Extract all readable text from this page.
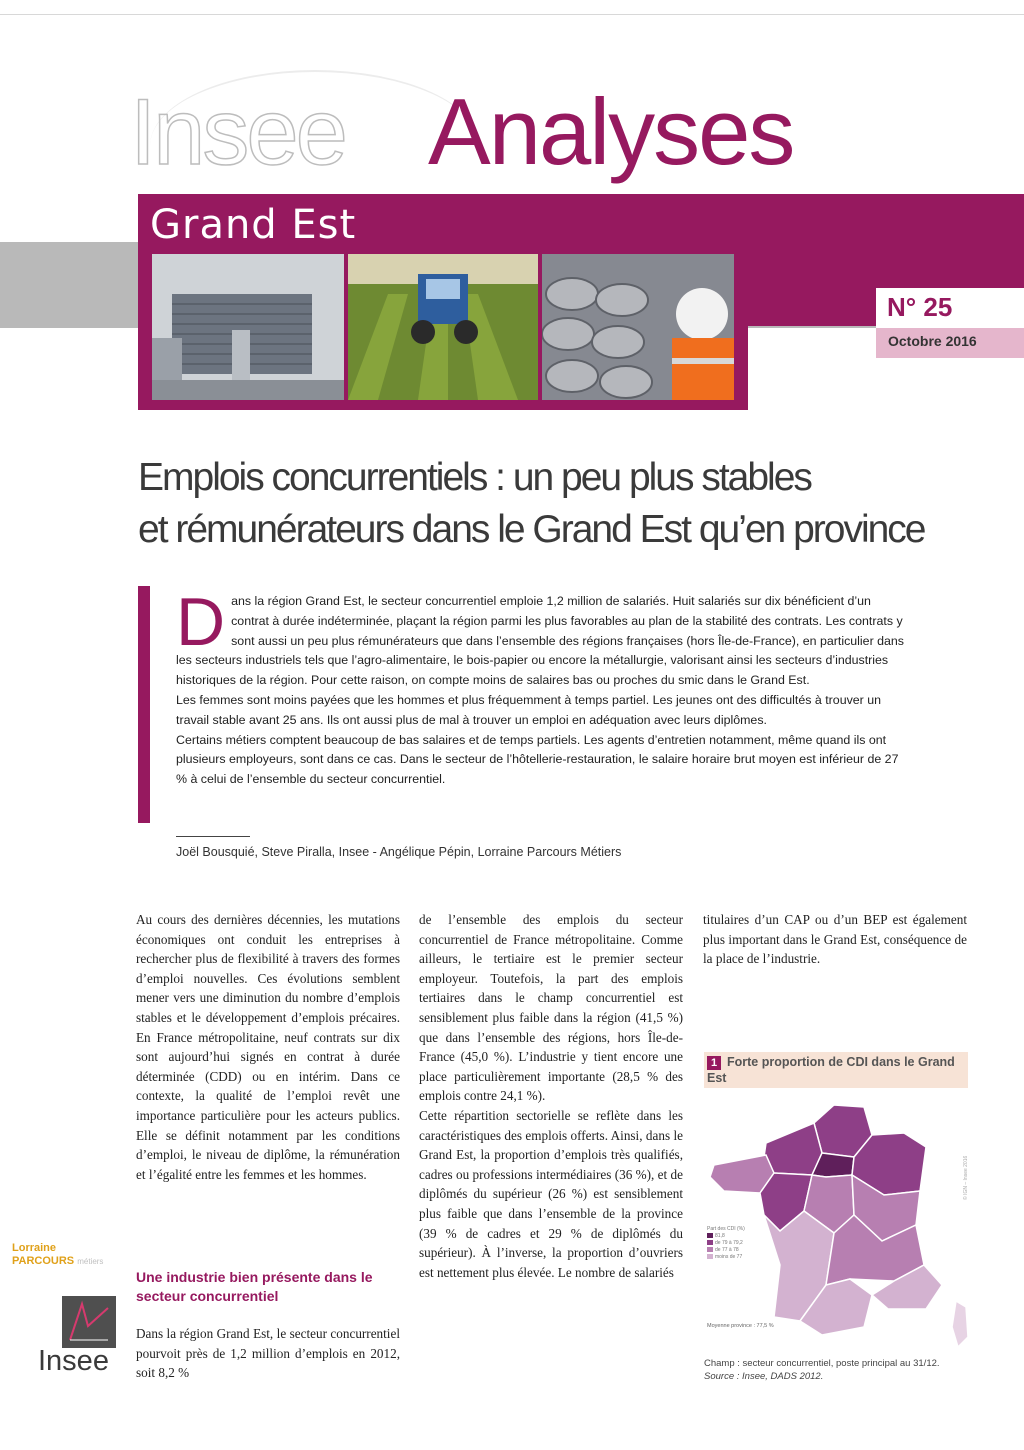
Insee Analyses
Grand Est
N° 25
Octobre 2016
Emplois concurrentiels : un peu plus stables
et rémunérateurs dans le Grand Est qu’en province
D ans la région Grand Est, le secteur concurrentiel emploie 1,2 million de salariés. Huit salariés sur dix bénéficient d’un contrat à durée indéterminée, plaçant la région parmi les plus favorables au plan de la stabilité des contrats. Les contrats y sont aussi un peu plus rémunérateurs que dans l’ensemble des régions françaises (hors Île-de-France), en particulier dans les secteurs industriels tels que l’agro-alimentaire, le bois-papier ou encore la métallurgie, valorisant ainsi les secteurs d’industries historiques de la région. Pour cette raison, on compte moins de salaires bas ou proches du smic dans le Grand Est.

Les femmes sont moins payées que les hommes et plus fréquemment à temps partiel. Les jeunes ont des difficultés à trouver un travail stable avant 25 ans. Ils ont aussi plus de mal à trouver un emploi en adéquation avec leurs diplômes.

Certains métiers comptent beaucoup de bas salaires et de temps partiels. Les agents d’entretien notamment, même quand ils ont plusieurs employeurs, sont dans ce cas. Dans le secteur de l’hôtellerie-restauration, le salaire horaire brut moyen est inférieur de 27 % à celui de l’ensemble du secteur concurrentiel.

Joël Bousquié, Steve Piralla, Insee - Angélique Pépin, Lorraine Parcours Métiers

Au cours des dernières décennies, les mutations économiques ont conduit les entreprises à rechercher plus de flexibilité à travers des formes d’emploi nouvelles. Ces évolutions semblent mener vers une diminution du nombre d’emplois stables et le développement d’emplois précaires. En France métropolitaine, neuf contrats sur dix sont aujourd’hui signés en contrat à durée déterminée (CDD) ou en intérim. Dans ce contexte, la qualité de l’emploi revêt une importance particulière pour les acteurs publics. Elle se définit notamment par les conditions d’emploi, le niveau de diplôme, la rémunération et l’égalité entre les femmes et les hommes.

Une industrie bien présente dans le secteur concurrentiel

Dans la région Grand Est, le secteur concurrentiel pourvoit près de 1,2 million d’emplois en 2012, soit 8,2 %

de l’ensemble des emplois du secteur concurrentiel de France métropolitaine. Comme ailleurs, le tertiaire est le premier secteur employeur. Toutefois, la part des emplois tertiaires dans le champ concurrentiel est sensiblement plus faible dans la région (41,5 %) que dans l’ensemble des régions, hors Île-de-France (45,0 %). L’industrie y tient encore une place particulièrement importante (28,5 % des emplois contre 24,1 %).

Cette répartition sectorielle se reflète dans les caractéristiques des emplois offerts. Ainsi, dans le Grand Est, la proportion d’emplois très qualifiés, cadres ou professions intermédiaires (36 %), et de diplômés du supérieur (26 %) est sensiblement plus faible que dans l’ensemble de la province (39 % de cadres et 29 % de diplômés du supérieur). À l’inverse, la proportion d’ouvriers est nettement plus élevée. Le nombre de salariés

titulaires d’un CAP ou d’un BEP est également plus important dans le Grand Est, conséquence de la place de l’industrie.

Lorraine
PARCOURS métiers
Insee
1 Forte proportion de CDI dans le Grand Est
Part des CDI (%)
81,8
de 79 à 79,2
de 77 à 78
moins de 77
© IGN – Insee 2016
Moyenne province : 77,5 %
Champ : secteur concurrentiel, poste principal au 31/12.
Source : Insee, DADS 2012.
